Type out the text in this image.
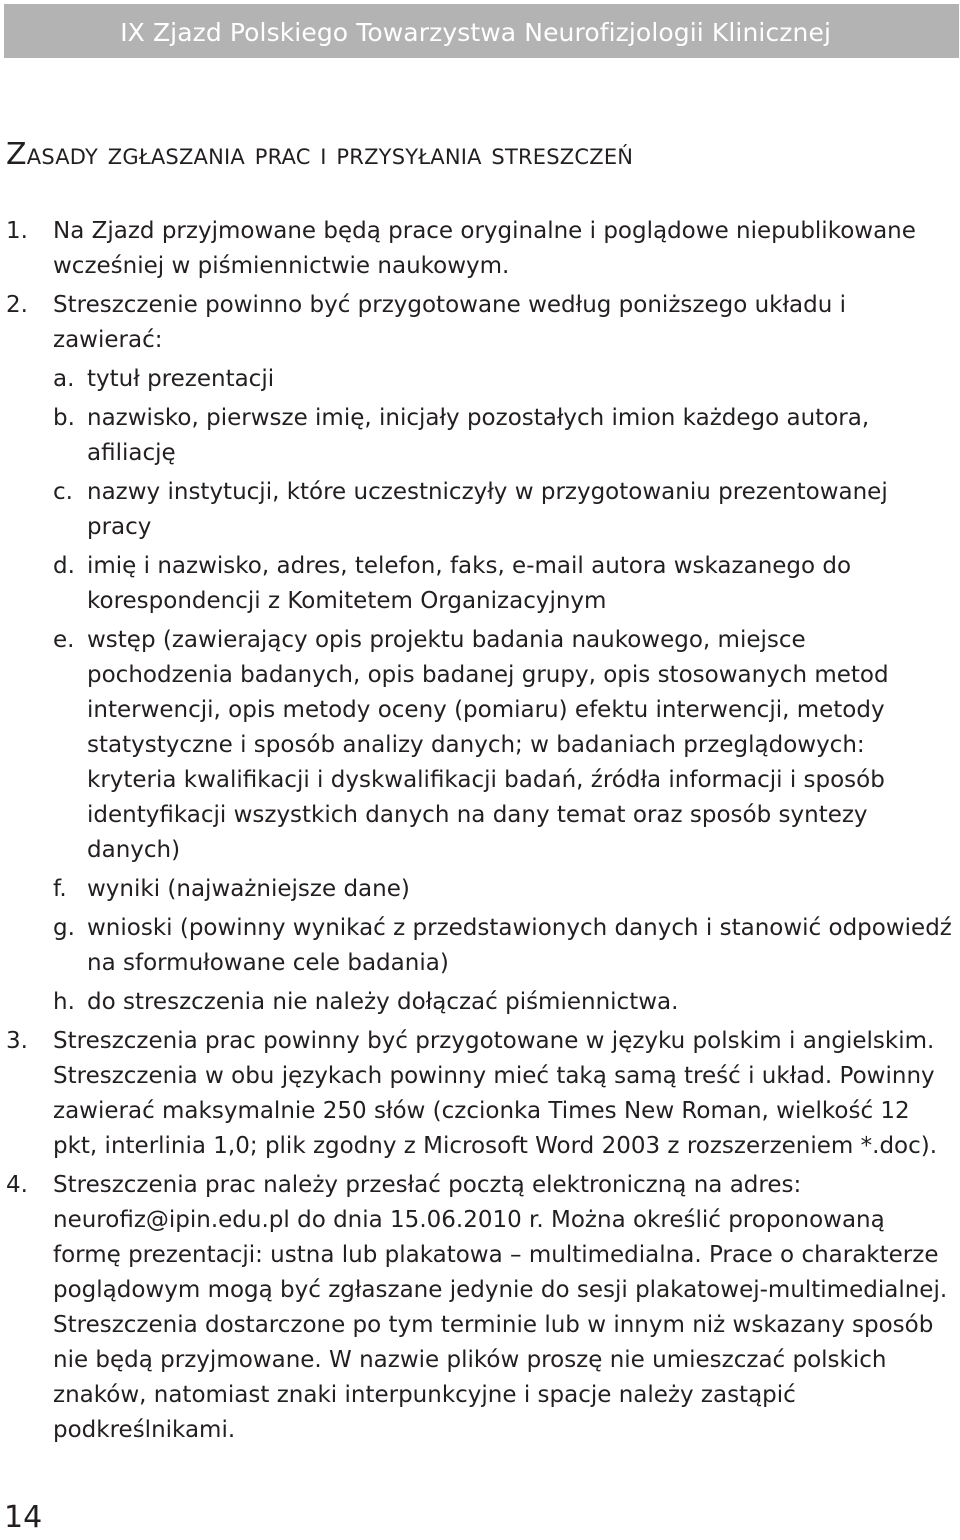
IX Zjazd Polskiego Towarzystwa Neurofizjologii Klinicznej
Zasady zgłaszania prac i przysyłania streszczeń
1. Na Zjazd przyjmowane będą prace oryginalne i poglądowe niepublikowane wcześniej w piśmiennictwie naukowym.
2. Streszczenie powinno być przygotowane według poniższego układu i zawierać:
a. tytuł prezentacji
b. nazwisko, pierwsze imię, inicjały pozostałych imion każdego autora, afiliację
c. nazwy instytucji, które uczestniczyły w przygotowaniu prezentowanej pracy
d. imię i nazwisko, adres, telefon, faks, e-mail autora wskazanego do korespondencji z Komitetem Organizacyjnym
e. wstęp (zawierający opis projektu badania naukowego, miejsce pochodzenia badanych, opis badanej grupy, opis stosowanych metod interwencji, opis metody oceny (pomiaru) efektu interwencji, metody statystyczne i sposób analizy danych; w badaniach przeglądowych: kryteria kwalifikacji i dyskwalifikacji badań, źródła informacji i sposób identyfikacji wszystkich danych na dany temat oraz sposób syntezy danych)
f. wyniki (najważniejsze dane)
g. wnioski (powinny wynikać z przedstawionych danych i stanowić odpowiedź na sformułowane cele badania)
h. do streszczenia nie należy dołączać piśmiennictwa.
3. Streszczenia prac powinny być przygotowane w języku polskim i angielskim. Streszczenia w obu językach powinny mieć taką samą treść i układ. Powinny zawierać maksymalnie 250 słów (czcionka Times New Roman, wielkość 12 pkt, interlinia 1,0; plik zgodny z Microsoft Word 2003 z rozszerzeniem *.doc).
4. Streszczenia prac należy przesłać pocztą elektroniczną na adres: neurofiz@ipin.edu.pl do dnia 15.06.2010 r. Można określić proponowaną formę prezentacji: ustna lub plakatowa – multimedialna. Prace o charakterze poglądowym mogą być zgłaszane jedynie do sesji plakatowej-multimedialnej. Streszczenia dostarczone po tym terminie lub w innym niż wskazany sposób nie będą przyjmowane. W nazwie plików proszę nie umieszczać polskich znaków, natomiast znaki interpunkcyjne i spacje należy zastąpić podkreślnikami.
14
